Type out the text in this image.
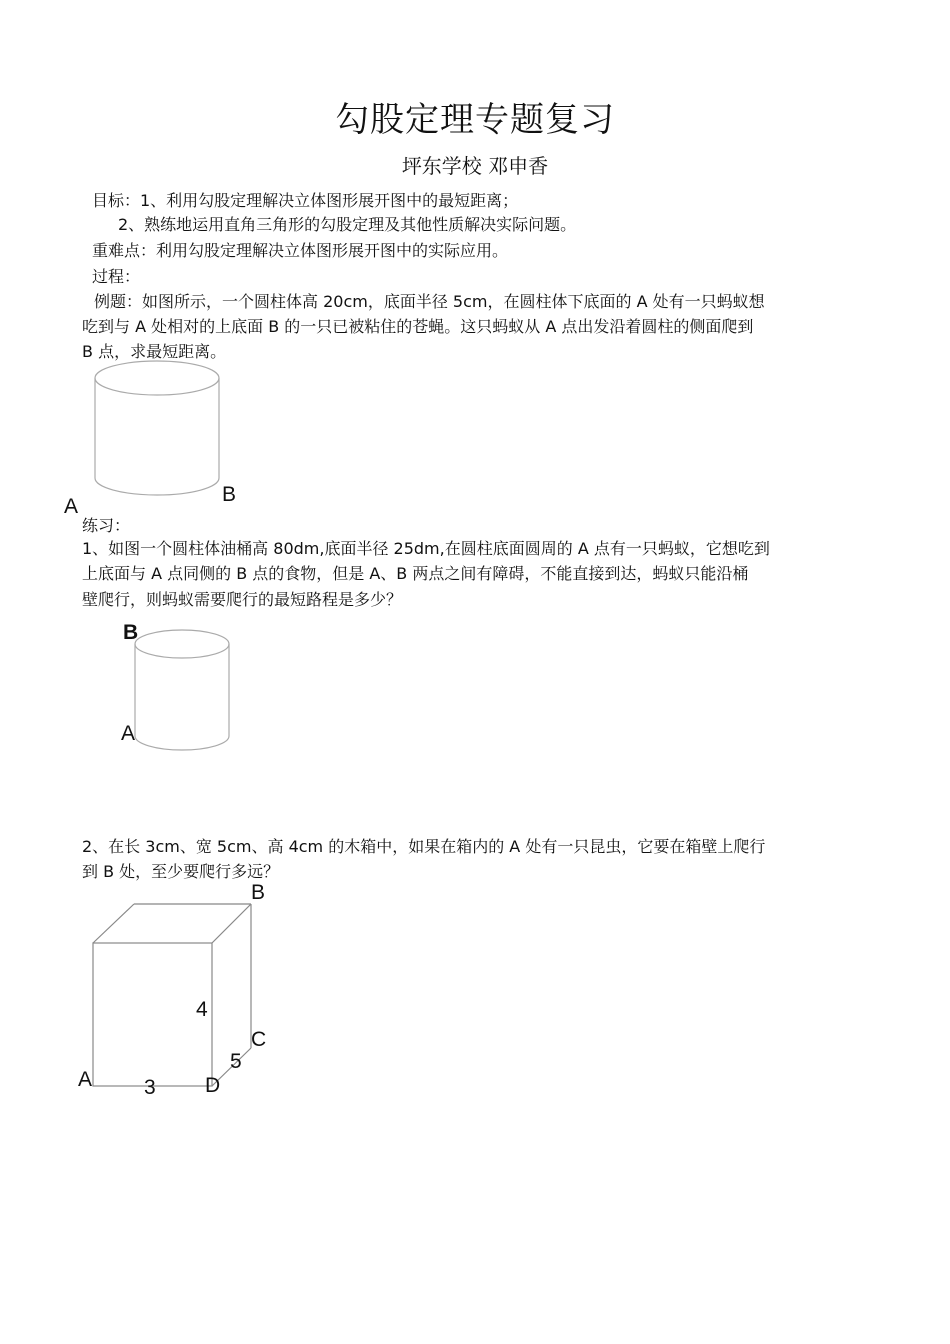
勾股定理专题复习
坪东学校 邓申香
目标：1、利用勾股定理解决立体图形展开图中的最短距离；
2、熟练地运用直角三角形的勾股定理及其他性质解决实际问题。
重难点：利用勾股定理解决立体图形展开图中的实际应用。
过程：
例题：如图所示，一个圆柱体高 20cm，底面半径 5cm，在圆柱体下底面的 A 处有一只蚂蚁想
吃到与 A 处相对的上底面 B 的一只已被粘住的苍蝇。这只蚂蚁从 A 点出发沿着圆柱的侧面爬到
B 点，求最短距离。
A
B
练习：
1、如图一个圆柱体油桶高 80dm,底面半径 25dm,在圆柱底面圆周的 A 点有一只蚂蚁，它想吃到
上底面与 A 点同侧的 B 点的食物，但是 A、B 两点之间有障碍，不能直接到达，蚂蚁只能沿桶
壁爬行，则蚂蚁需要爬行的最短路程是多少？
B
A
2、在长 3cm、宽 5cm、高 4cm 的木箱中，如果在箱内的 A 处有一只昆虫，它要在箱壁上爬行
到 B 处，至少要爬行多远？
B
4
C
5
A 3 D
